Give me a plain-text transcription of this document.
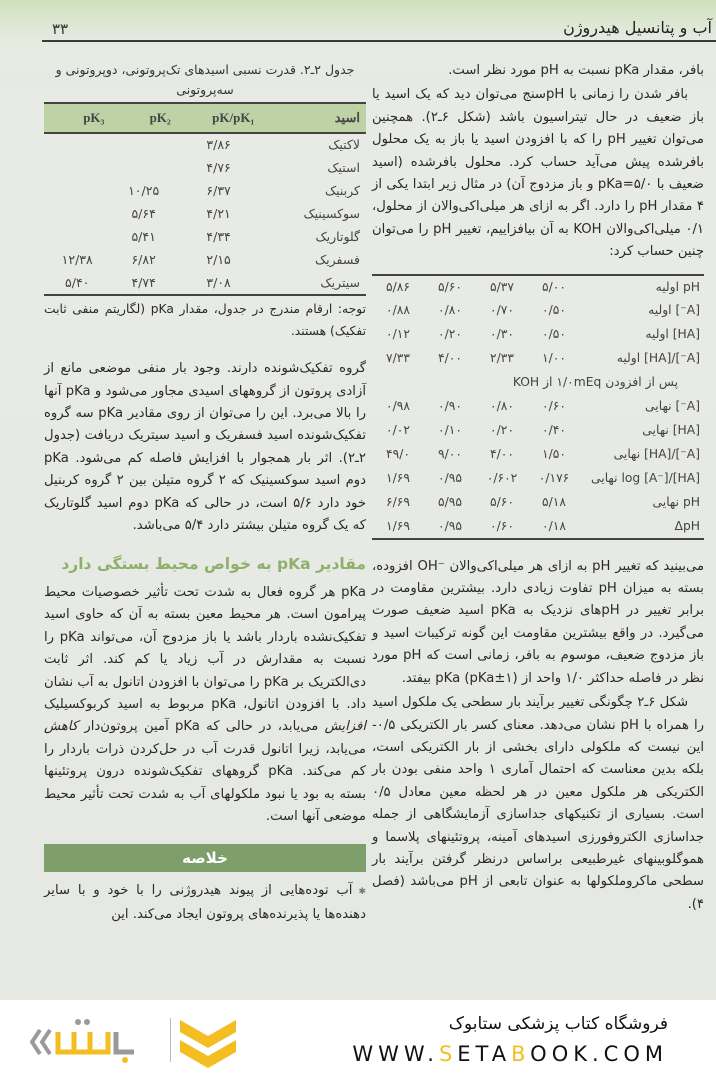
۳۳	آب و پتانسیل هیدروژن

بافر، مقدار pKa نسبت به pH مورد نظر است.

بافر شدن را زمانی با pHسنج می‌توان دید که یک اسید یا باز ضعیف در حال تیتراسیون باشد (شکل ۶ـ۲). همچنین می‌توان تغییر pH را که با افزودن اسید یا باز به یک محلول بافرشده پیش می‌آید حساب کرد. محلول بافرشده (اسید ضعیف با pKa=۵/۰ و باز مزدوج آن) در مثال زیر ابتدا یکی از ۴ مقدار pH را دارد. اگر به ازای هر میلی‌اکی‌والان از محلول، ۰/۱ میلی‌اکی‌والان KOH به آن بیافزاییم، تغییر pH را می‌توان چنین حساب کرد:

pH اولیه	۵/۰۰	۵/۳۷	۵/۶۰	۵/۸۶
[A⁻] اولیه	۰/۵۰	۰/۷۰	۰/۸۰	۰/۸۸
[HA] اولیه	۰/۵۰	۰/۳۰	۰/۲۰	۰/۱۲
[A⁻]/[HA] اولیه	۱/۰۰	۲/۳۳	۴/۰۰	۷/۳۳
پس از افزودن ۱/۰mEq از KOH				
[A⁻] نهایی	۰/۶۰	۰/۸۰	۰/۹۰	۰/۹۸
[HA] نهایی	۰/۴۰	۰/۲۰	۰/۱۰	۰/۰۲
[A⁻]/[HA] نهایی	۱/۵۰	۴/۰۰	۹/۰۰	۴۹/۰
log [A⁻]/[HA] نهایی	۰/۱۷۶	۰/۶۰۲	۰/۹۵	۱/۶۹
pH نهایی	۵/۱۸	۵/۶۰	۵/۹۵	۶/۶۹
ΔpH	۰/۱۸	۰/۶۰	۰/۹۵	۱/۶۹

می‌بینید که تغییر pH به ازای هر میلی‌اکی‌والان ⁻OH افزوده، بسته به میزان pH تفاوت زیادی دارد. بیشترین مقاومت در برابر تغییر در pHهای نزدیک به pKa اسید ضعیف صورت می‌گیرد. در واقع بیشترین مقاومت این گونه ترکیبات اسید و باز مزدوج ضعیف، موسوم به بافر، زمانی است که pH مورد نظر در فاصله حداکثر ۱/۰ واحد از pKa (pKa±۱) بیفتد.

شکل ۶ـ۲ چگونگی تغییر برآیند بار سطحی یک ملکول اسید را همراه با pH نشان می‌دهد. معنای کسر بار الکتریکی ۰/۵- این نیست که ملکولی دارای بخشی از بار الکتریکی است، بلکه بدین معناست که احتمال آماری ۱ واحد منفی بودن بار الکتریکی هر ملکول معین در هر لحظه معین معادل ۰/۵ است. بسیاری از تکنیکهای جداسازی آزمایشگاهی از جمله جداسازی الکتروفورزی اسیدهای آمینه، پروتئینهای پلاسما و هموگلوبینهای غیرطبیعی براساس درنظر گرفتن برآیند بار سطحی ماکروملکولها به عنوان تابعی از pH می‌باشد (فصل ۴).

جدول ۲ـ۲. قدرت نسبی اسیدهای تک‌پروتونی، دوپروتونی و سه‌پروتونی
اسید	pK/pK₁	pK₂	pK₃
لاکتیک	۳/۸۶		
استیک	۴/۷۶		
کربنیک	۶/۳۷	۱۰/۲۵	
سوکسینیک	۴/۲۱	۵/۶۴	
گلوتاریک	۴/۳۴	۵/۴۱	
فسفریک	۲/۱۵	۶/۸۲	۱۲/۳۸
سیتریک	۳/۰۸	۴/۷۴	۵/۴۰

توجه: ارقام مندرج در جدول، مقدار pKa (لگاریتم منفی ثابت تفکیک) هستند.

گروه تفکیک‌شونده دارند. وجود بار منفی موضعی مانع از آزادی پروتون از گروههای اسیدی مجاور می‌شود و pKa آنها را بالا می‌برد. این را می‌توان از روی مقادیر pKa سه گروه تفکیک‌شونده اسید فسفریک و اسید سیتریک دریافت (جدول ۲ـ۲). اثر بار همجوار با افزایش فاصله کم می‌شود. pKa دوم اسید سوکسینیک که ۲ گروه متیلن بین ۲ گروه کربنیل خود دارد ۵/۶ است، در حالی که pKa دوم اسید گلوتاریک که یک گروه متیلن بیشتر دارد ۵/۴ می‌باشد.

مقادیر pKa به خواص محیط بستگی دارد

pKa هر گروه فعال به شدت تحت تأثیر خصوصیات محیط پیرامون است. هر محیط معین بسته به آن که حاوی اسید تفکیک‌نشده باردار باشد یا باز مزدوج آن، می‌تواند pKa را نسبت به مقدارش در آب زیاد یا کم کند. اثر ثابت دی‌الکتریک بر pKa را می‌توان با افزودن اتانول به آب نشان داد. با افزودن اتانول، pKa مربوط به اسید کربوکسیلیک افزایش می‌یابد، در حالی که pKa آمین پروتون‌دار کاهش می‌یابد، زیرا اتانول قدرت آب در حل‌کردن ذرات باردار را کم می‌کند. pKa گروههای تفکیک‌شونده درون پروتئینها بسته به بود یا نبود ملکولهای آب به شدت تحت تأثیر محیط موضعی آنها است.

خلاصه

✱ آب توده‌هایی از پیوند هیدروژنی را با خود و با سایر دهنده‌ها یا پذیرنده‌های پروتون ایجاد می‌کند. این

فروشگاه کتاب پزشکی ستابوک
WWW.SETABOOK.COM
